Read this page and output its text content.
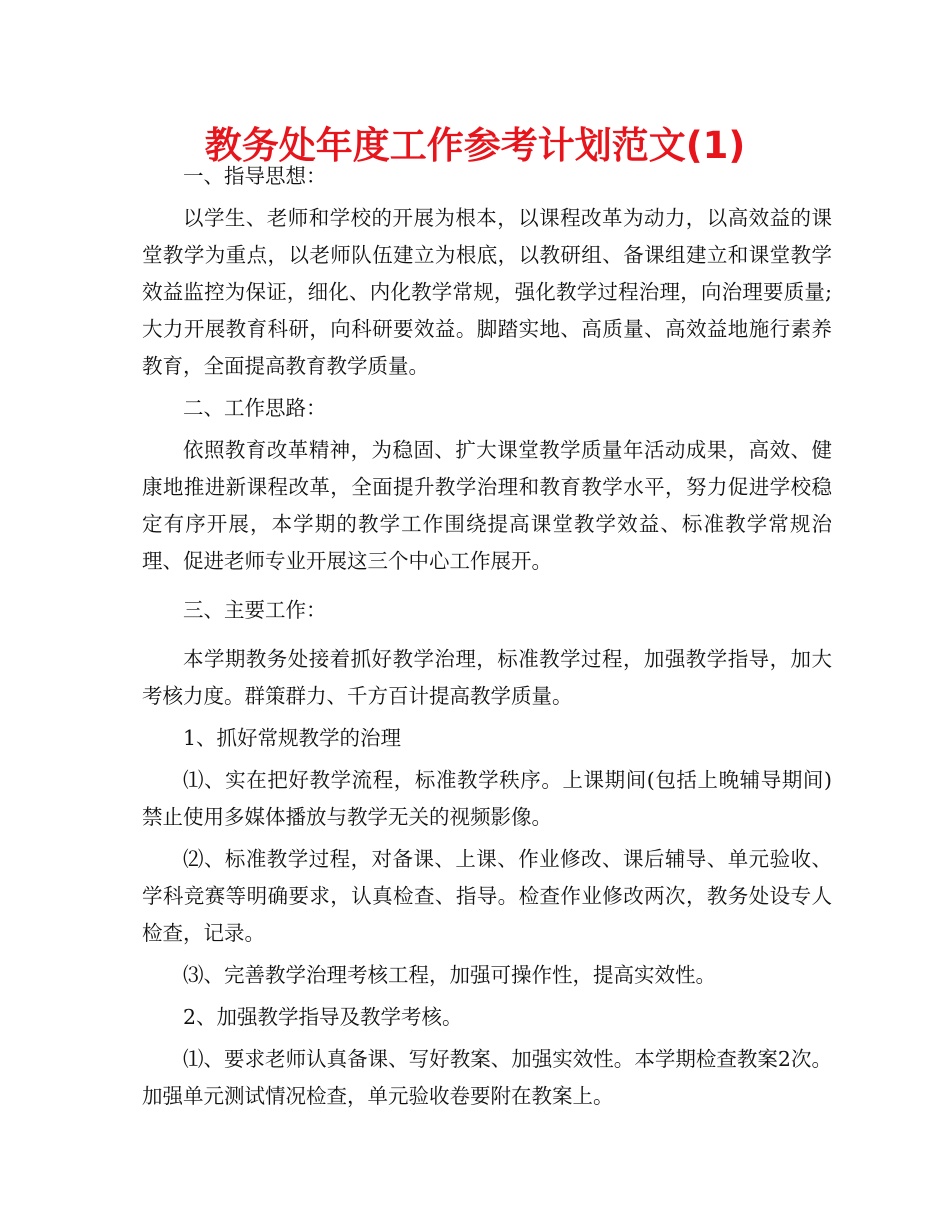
教务处年度工作参考计划范文(1)

一、指导思想：

以学生、老师和学校的开展为根本，以课程改革为动力，以高效益的课堂教学为重点，以老师队伍建立为根底，以教研组、备课组建立和课堂教学效益监控为保证，细化、内化教学常规，强化教学过程治理，向治理要质量;大力开展教育科研，向科研要效益。脚踏实地、高质量、高效益地施行素养教育，全面提高教育教学质量。

二、工作思路：

依照教育改革精神，为稳固、扩大课堂教学质量年活动成果，高效、健康地推进新课程改革，全面提升教学治理和教育教学水平，努力促进学校稳定有序开展，本学期的教学工作围绕提高课堂教学效益、标准教学常规治理、促进老师专业开展这三个中心工作展开。

三、主要工作：

本学期教务处接着抓好教学治理，标准教学过程，加强教学指导，加大考核力度。群策群力、千方百计提高教学质量。

1、抓好常规教学的治理

⑴、实在把好教学流程，标准教学秩序。上课期间(包括上晚辅导期间)禁止使用多媒体播放与教学无关的视频影像。

⑵、标准教学过程，对备课、上课、作业修改、课后辅导、单元验收、学科竞赛等明确要求，认真检查、指导。检查作业修改两次，教务处设专人检查，记录。

⑶、完善教学治理考核工程，加强可操作性，提高实效性。

2、加强教学指导及教学考核。

⑴、要求老师认真备课、写好教案、加强实效性。本学期检查教案2次。加强单元测试情况检查，单元验收卷要附在教案上。
